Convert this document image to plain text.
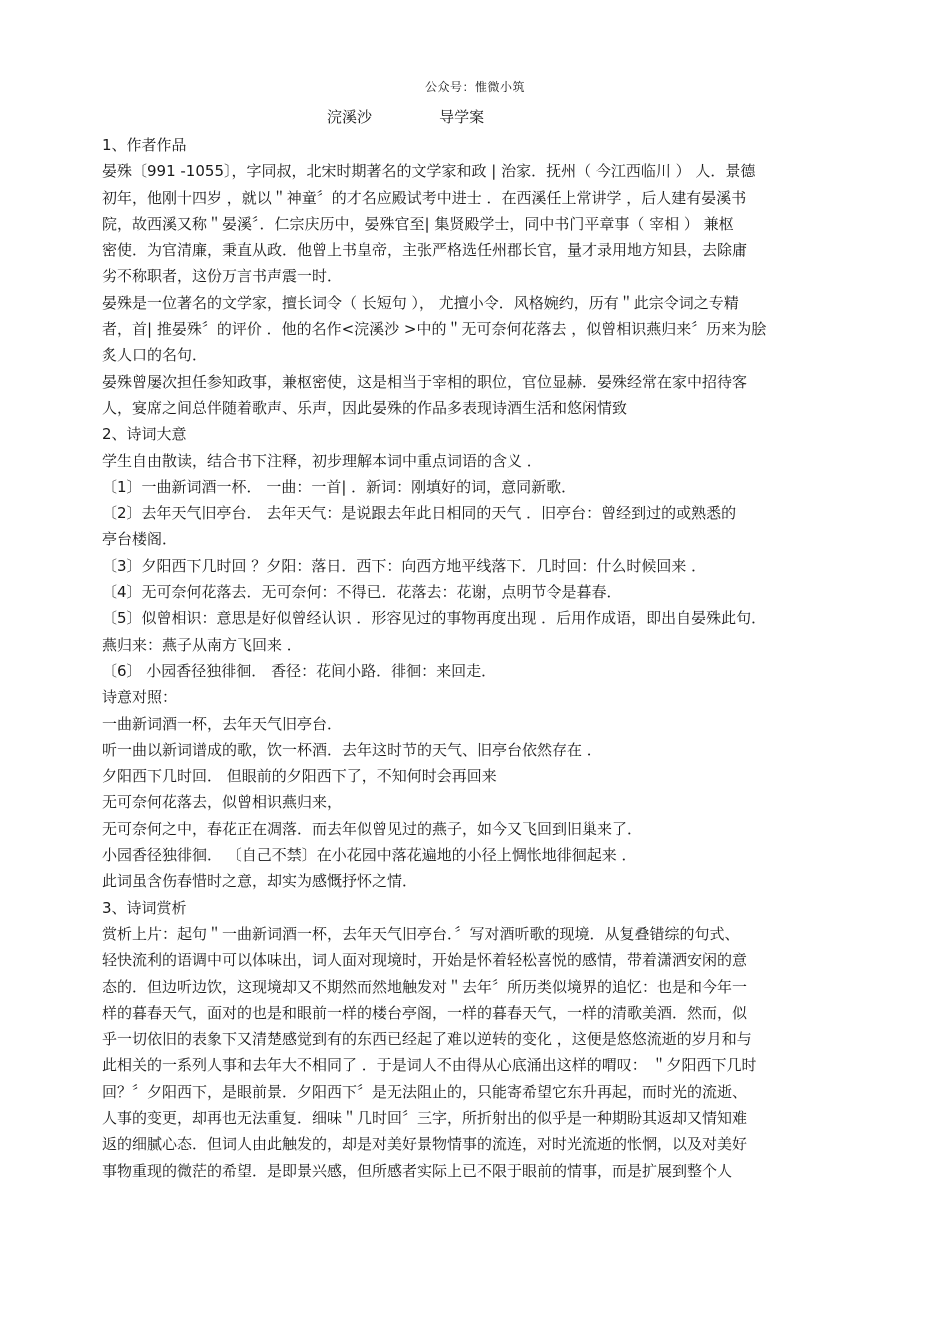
公众号：惟微小筑
浣溪沙    导学案
1、作者作品
晏殊〔991 -1055〕，字同叔，北宋时期著名的文学家和政 | 治家．抚州（ 今江西临川 ） 人．景德
初年，他刚十四岁 ，就以＂神童〞的才名应殿试考中进士 ．在西溪任上常讲学 ，后人建有晏溪书
院，故西溪又称＂晏溪〞．仁宗庆历中，晏殊官至| 集贤殿学士，同中书门平章事（ 宰相 ） 兼枢
密使．为官清廉，秉直从政．他曾上书皇帝，主张严格选任州郡长官，量才录用地方知县，去除庸
劣不称职者，这份万言书声震一时．
晏殊是一位著名的文学家，擅长词令（ 长短句 ）， 尤擅小令．风格婉约，历有＂此宗令词之专精
者，首| 推晏殊〞的评价 ．他的名作<浣溪沙 >中的＂无可奈何花落去 ，似曾相识燕归来〞历来为脍
炙人口的名句．
晏殊曾屡次担任参知政事，兼枢密使，这是相当于宰相的职位，官位显赫．晏殊经常在家中招待客
人，宴席之间总伴随着歌声、乐声，因此晏殊的作品多表现诗酒生活和悠闲情致
2、诗词大意
学生自由散读，结合书下注释，初步理解本词中重点词语的含义 ．
〔1〕一曲新词酒一杯． 一曲：一首| ．新词：刚填好的词，意同新歌．
〔2〕去年天气旧亭台． 去年天气：是说跟去年此日相同的天气 ．旧亭台：曾经到过的或熟悉的
亭台楼阁．
〔3〕夕阳西下几时回 ？夕阳：落日．西下：向西方地平线落下．几时回：什么时候回来 ．
〔4〕无可奈何花落去．无可奈何：不得已．花落去：花谢，点明节令是暮春．
〔5〕似曾相识：意思是好似曾经认识 ．形容见过的事物再度出现 ．后用作成语，即出自晏殊此句．
燕归来：燕子从南方飞回来 ．
〔6〕 小园香径独徘徊． 香径：花间小路．徘徊：来回走．
诗意对照：
一曲新词酒一杯，去年天气旧亭台．
听一曲以新词谱成的歌，饮一杯酒．去年这时节的天气、旧亭台依然存在 ．
夕阳西下几时回． 但眼前的夕阳西下了，不知何时会再回来
无可奈何花落去，似曾相识燕归来，
无可奈何之中，春花正在凋落．而去年似曾见过的燕子，如今又飞回到旧巢来了．
小园香径独徘徊． 〔自己不禁〕在小花园中落花遍地的小径上惆怅地徘徊起来 ．
此词虽含伤春惜时之意，却实为感慨抒怀之情．
3、诗词赏析
赏析上片：起句＂一曲新词酒一杯，去年天气旧亭台．〞写对酒听歌的现境．从复叠错综的句式、
轻快流利的语调中可以体味出，词人面对现境时，开始是怀着轻松喜悦的感情，带着潇洒安闲的意
态的．但边听边饮，这现境却又不期然而然地触发对＂去年〞所历类似境界的追忆：也是和今年一
样的暮春天气，面对的也是和眼前一样的楼台亭阁，一样的暮春天气，一样的清歌美酒．然而，似
乎一切依旧的表象下又清楚感觉到有的东西已经起了难以逆转的变化 ，这便是悠悠流逝的岁月和与
此相关的一系列人事和去年大不相同了 ．于是词人不由得从心底涌出这样的喟叹： ＂夕阳西下几时
回？〞夕阳西下，是眼前景．夕阳西下〞是无法阻止的，只能寄希望它东升再起，而时光的流逝、
人事的变更，却再也无法重复．细味＂几时回〞三字，所折射出的似乎是一种期盼其返却又情知难
返的细腻心态．但词人由此触发的，却是对美好景物情事的流连，对时光流逝的怅惘，以及对美好
事物重现的微茫的希望．是即景兴感，但所感者实际上已不限于眼前的情事，而是扩展到整个人
